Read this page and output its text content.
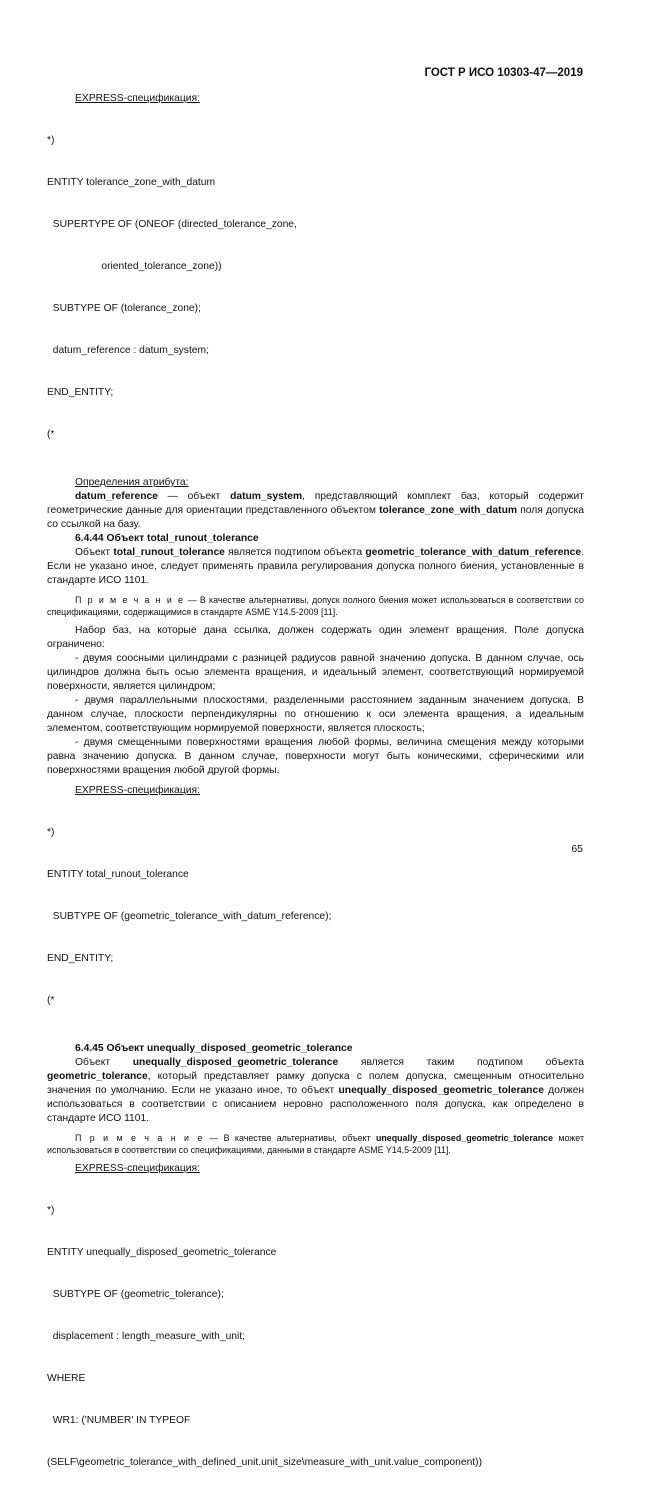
ГОСТ Р ИСО 10303-47—2019

EXPRESS-спецификация:

*)

ENTITY tolerance_zone_with_datum

SUPERTYPE OF (ONEOF (directed_tolerance_zone,

oriented_tolerance_zone))

SUBTYPE OF (tolerance_zone);

datum_reference : datum_system;

END_ENTITY;

(*

Определения атрибута:

datum_reference — объект datum_system, представляющий комплект баз, который содержит геометрические данные для ориентации представленного объектом tolerance_zone_with_datum поля допуска со ссылкой на базу.

6.4.44 Объект total_runout_tolerance

Объект total_runout_tolerance является подтипом объекта geometric_tolerance_with_datum_reference. Если не указано иное, следует применять правила регулирования допуска полного биения, установленные в стандарте ИСО 1101.

П р и м е ч а н и е — В качестве альтернативы, допуск полного биения может использоваться в соответствии со спецификациями, содержащимися в стандарте ASME Y14.5-2009 [11].

Набор баз, на которые дана ссылка, должен содержать один элемент вращения. Поле допуска ограничено:

- двумя соосными цилиндрами с разницей радиусов равной значению допуска. В данном случае, ось цилиндров должна быть осью элемента вращения, и идеальный элемент, соответствующий нормируемой поверхности, является цилиндром;

- двумя параллельными плоскостями, разделенными расстоянием заданным значением допуска. В данном случае, плоскости перпендикулярны по отношению к оси элемента вращения, а идеальным элементом, соответствующим нормируемой поверхности, является плоскость;

- двумя смещенными поверхностями вращения любой формы, величина смещения между которыми равна значению допуска. В данном случае, поверхности могут быть коническими, сферическими или поверхностями вращения любой другой формы.

EXPRESS-спецификация:

*)

ENTITY total_runout_tolerance

SUBTYPE OF (geometric_tolerance_with_datum_reference);

END_ENTITY;

(*

6.4.45 Объект unequally_disposed_geometric_tolerance

Объект unequally_disposed_geometric_tolerance является таким подтипом объекта geometric_tolerance, который представляет рамку допуска с полем допуска, смещенным относительно значения по умолчанию. Если не указано иное, то объект unequally_disposed_geometric_tolerance должен использоваться в соответствии с описанием неровно расположенного поля допуска, как определено в стандарте ИСО 1101.

П р и м е ч а н и е — В качестве альтернативы, объект unequally_disposed_geometric_tolerance может использоваться в соответствии со спецификациями, данными в стандарте ASME Y14.5-2009 [11].

EXPRESS-спецификация:

*)

ENTITY unequally_disposed_geometric_tolerance

SUBTYPE OF (geometric_tolerance);

displacement : length_measure_with_unit;

WHERE

WR1: ('NUMBER' IN TYPEOF

(SELF\geometric_tolerance_with_defined_unit.unit_size\measure_with_unit.value_component))

65
